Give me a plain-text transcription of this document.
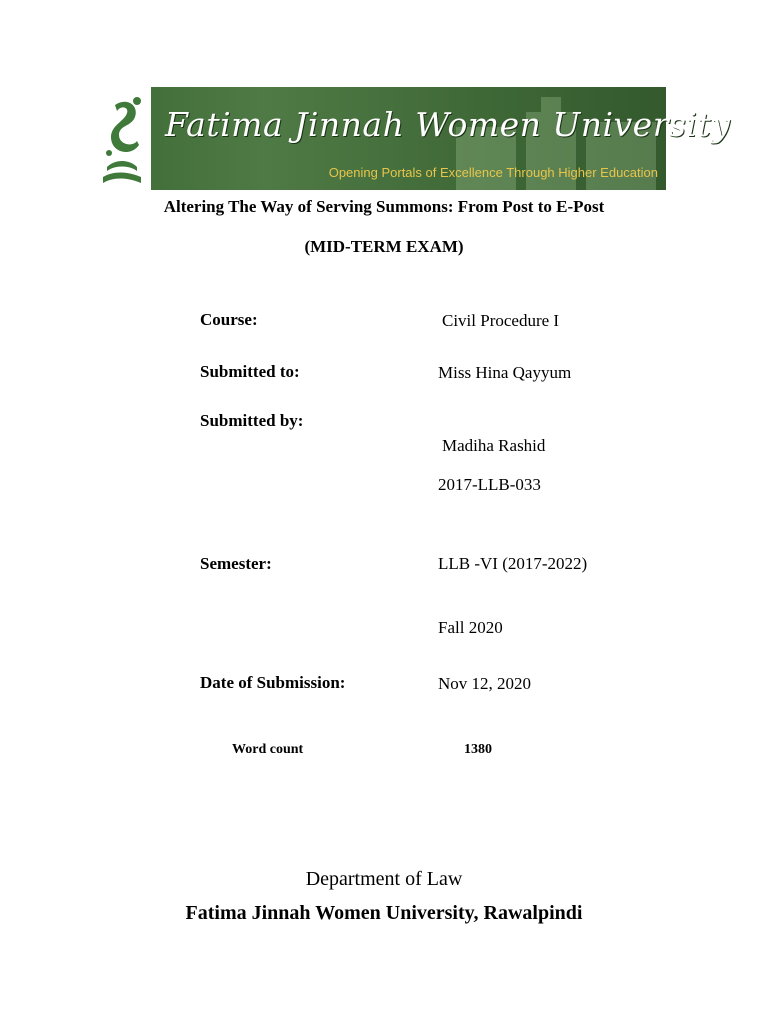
Fatima Jinnah Women University
Opening Portals of Excellence Through Higher Education
Altering The Way of Serving Summons: From Post to E-Post
(MID-TERM EXAM)
Course:	Civil Procedure I
Submitted to:	Miss Hina Qayyum
Submitted by:
Madiha Rashid
2017-LLB-033
Semester:	LLB -VI (2017-2022)
Fall 2020
Date of Submission:	Nov 12, 2020
Word count	1380
Department of Law
Fatima Jinnah Women University, Rawalpindi
